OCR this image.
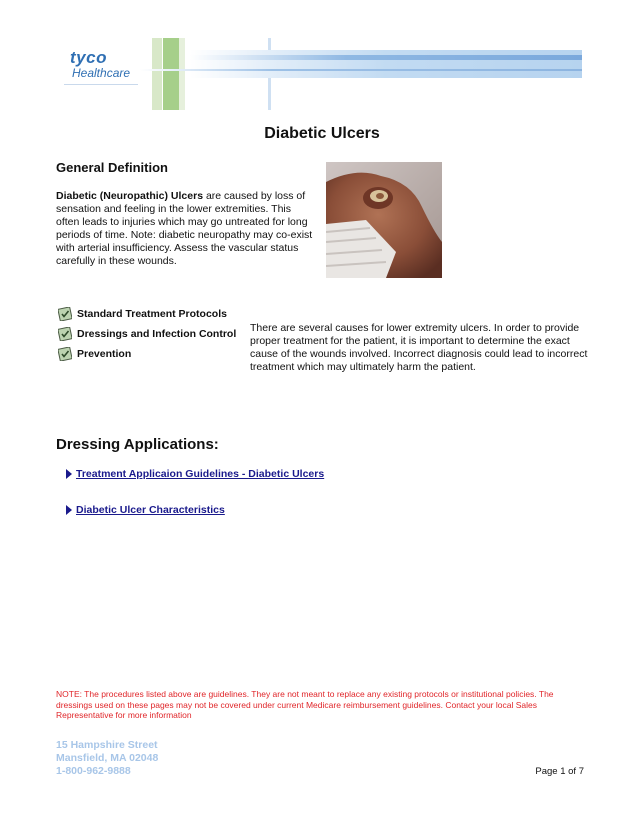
tyco
Healthcare
Diabetic Ulcers
General Definition
Diabetic (Neuropathic) Ulcers are caused by loss of sensation and feeling in the lower extremities. This often leads to injuries which may go untreated for long periods of time. Note: diabetic neuropathy may co-exist with arterial insufficiency. Assess the vascular status carefully in these wounds.
Standard Treatment Protocols
Dressings and Infection Control
Prevention
There are several causes for lower extremity ulcers. In order to provide proper treatment for the patient, it is important to determine the exact cause of the wounds involved. Incorrect diagnosis could lead to incorrect treatment which may ultimately harm the patient.
Dressing Applications:
Treatment Applicaion Guidelines - Diabetic Ulcers
Diabetic Ulcer Characteristics
NOTE: The procedures listed above are guidelines. They are not meant to replace any existing protocols or institutional policies. The dressings used on these pages may not be covered under current Medicare reimbursement guidelines. Contact your local Sales Representative for more information
15 Hampshire Street
Mansfield, MA 02048
1-800-962-9888	Page 1 of 7
